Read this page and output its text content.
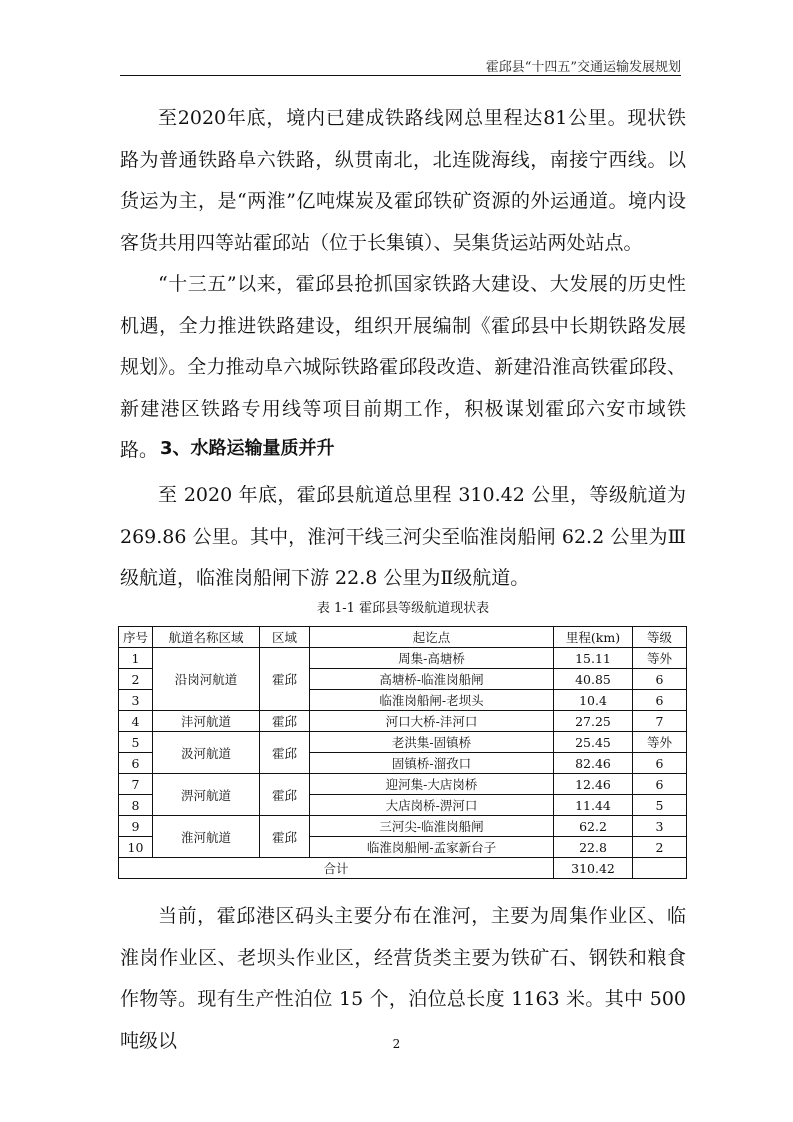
霍邱县“十四五”交通运输发展规划

至2020年底，境内已建成铁路线网总里程达81公里。现状铁路为普通铁路阜六铁路，纵贯南北，北连陇海线，南接宁西线。以货运为主，是“两淮”亿吨煤炭及霍邱铁矿资源的外运通道。境内设客货共用四等站霍邱站（位于长集镇）、吴集货运站两处站点。

“十三五”以来，霍邱县抢抓国家铁路大建设、大发展的历史性机遇，全力推进铁路建设，组织开展编制《霍邱县中长期铁路发展规划》。全力推动阜六城际铁路霍邱段改造、新建沿淮高铁霍邱段、新建港区铁路专用线等项目前期工作，积极谋划霍邱六安市域铁路。 3、水路运输量质并升

至 2020 年底，霍邱县航道总里程 310.42 公里，等级航道为 269.86 公里。其中，淮河干线三河尖至临淮岗船闸 62.2 公里为Ⅲ级航道，临淮岗船闸下游 22.8 公里为Ⅱ级航道。

表 1-1 霍邱县等级航道现状表
序号	航道名称区域	区域	起讫点	里程(km)	等级
1	沿岗河航道	霍邱	周集-高塘桥	15.11	等外
2			高塘桥-临淮岗船闸	40.85	6
3			临淮岗船闸-老坝头	10.4	6
4	沣河航道	霍邱	河口大桥-沣河口	27.25	7
5	汲河航道	霍邱	老洪集-固镇桥	25.45	等外
6			固镇桥-溜孜口	82.46	6
7	淠河航道	霍邱	迎河集-大店岗桥	12.46	6
8			大店岗桥-淠河口	11.44	5
9	淮河航道	霍邱	三河尖-临淮岗船闸	62.2	3
10			临淮岗船闸-孟家新台子	22.8	2
合计				310.42	

当前，霍邱港区码头主要分布在淮河，主要为周集作业区、临淮岗作业区、老坝头作业区，经营货类主要为铁矿石、钢铁和粮食作物等。现有生产性泊位 15 个，泊位总长度 1163 米。其中 500 吨级以	2
